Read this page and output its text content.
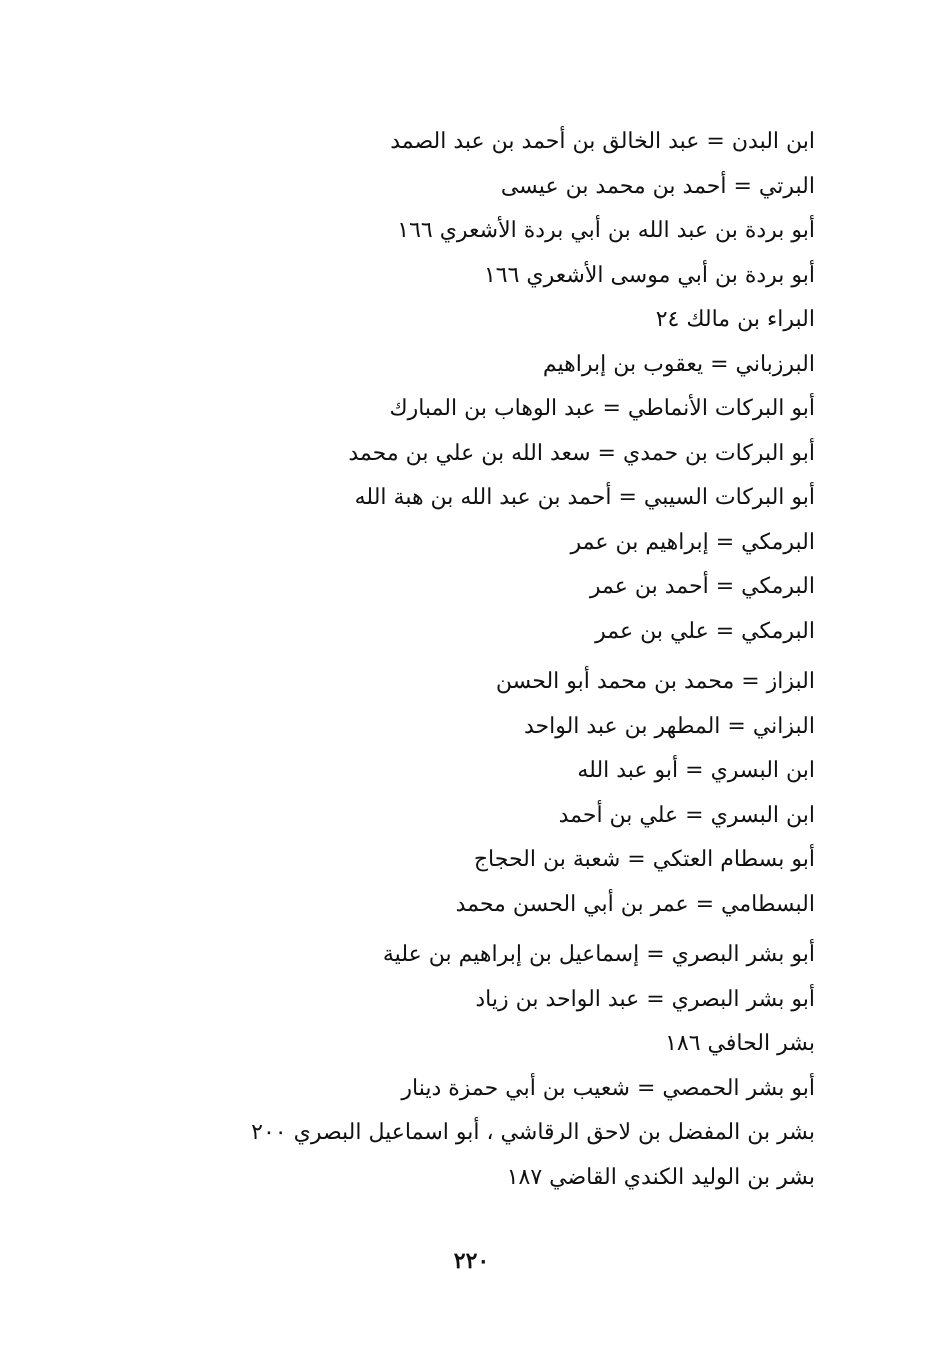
ابن البدن = عبد الخالق بن أحمد بن عبد الصمد

البرتي = أحمد بن محمد بن عيسى

أبو بردة بن عبد الله بن أبي بردة الأشعري ١٦٦

أبو بردة بن أبي موسى الأشعري ١٦٦

البراء بن مالك ٢٤

البرزباني = يعقوب بن إبراهيم

أبو البركات الأنماطي = عبد الوهاب بن المبارك

أبو البركات بن حمدي = سعد الله بن علي بن محمد

أبو البركات السيبي = أحمد بن عبد الله بن هبة الله

البرمكي = إبراهيم بن عمر

البرمكي = أحمد بن عمر

البرمكي = علي بن عمر

البزاز = محمد بن محمد أبو الحسن

البزاني = المطهر بن عبد الواحد

ابن البسري = أبو عبد الله

ابن البسري = علي بن أحمد

أبو بسطام العتكي = شعبة بن الحجاج

البسطامي = عمر بن أبي الحسن محمد

أبو بشر البصري = إسماعيل بن إبراهيم بن علية

أبو بشر البصري = عبد الواحد بن زياد

بشر الحافي ١٨٦

أبو بشر الحمصي = شعيب بن أبي حمزة دينار

بشر بن المفضل بن لاحق الرقاشي ، أبو اسماعيل البصري ٢٠٠

بشر بن الوليد الكندي القاضي ١٨٧

٢٢٠
